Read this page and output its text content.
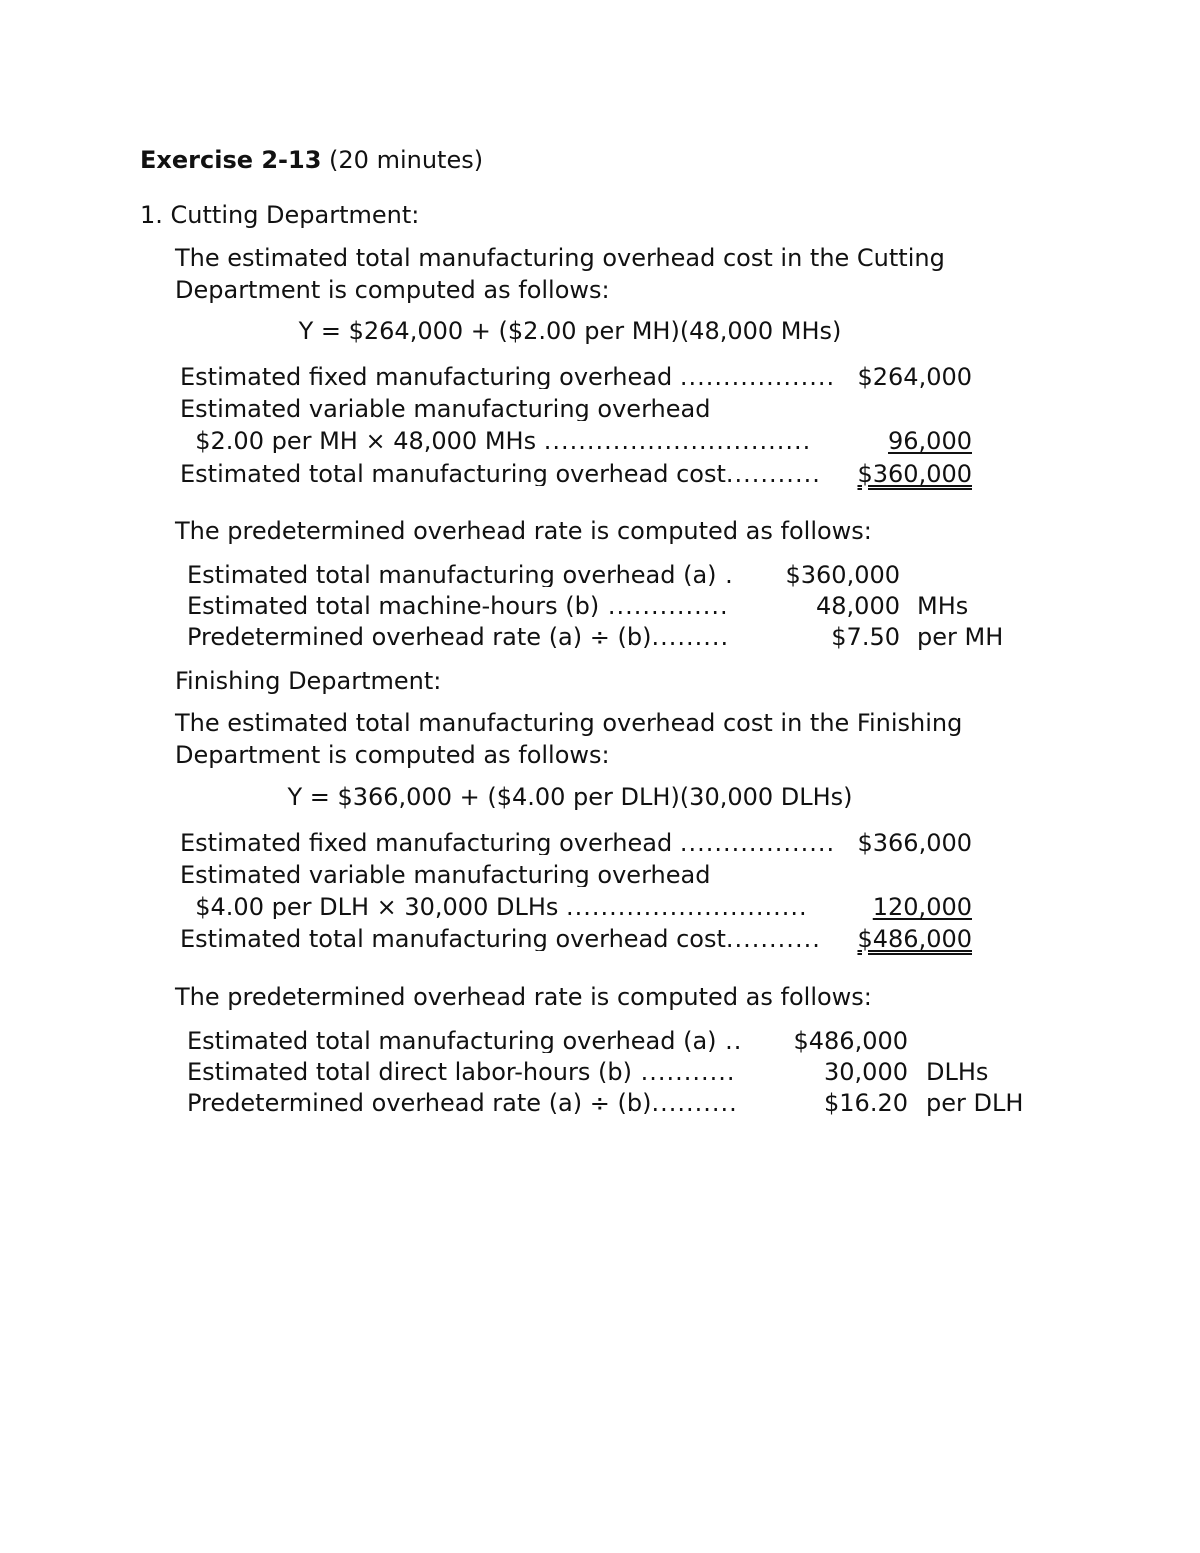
Exercise 2-13 (20 minutes)
1. Cutting Department:
The estimated total manufacturing overhead cost in the Cutting
Department is computed as follows:
Y = $264,000 + ($2.00 per MH)(48,000 MHs)
Estimated fixed manufacturing overhead .................. $264,000
Estimated variable manufacturing overhead
$2.00 per MH × 48,000 MHs ...............................	96,000
Estimated total manufacturing overhead cost...........	$360,000
The predetermined overhead rate is computed as follows:
Estimated total manufacturing overhead (a) .	$360,000
Estimated total machine-hours (b) ..............	48,000 MHs
Predetermined overhead rate (a) ÷ (b).........	$7.50 per MH
Finishing Department:
The estimated total manufacturing overhead cost in the Finishing
Department is computed as follows:
Y = $366,000 + ($4.00 per DLH)(30,000 DLHs)
Estimated fixed manufacturing overhead .................. $366,000
Estimated variable manufacturing overhead
$4.00 per DLH × 30,000 DLHs ............................	120,000
Estimated total manufacturing overhead cost...........	$486,000
The predetermined overhead rate is computed as follows:
Estimated total manufacturing overhead (a) ..	$486,000
Estimated total direct labor-hours (b) ...........	30,000 DLHs
Predetermined overhead rate (a) ÷ (b)..........	$16.20 per DLH
